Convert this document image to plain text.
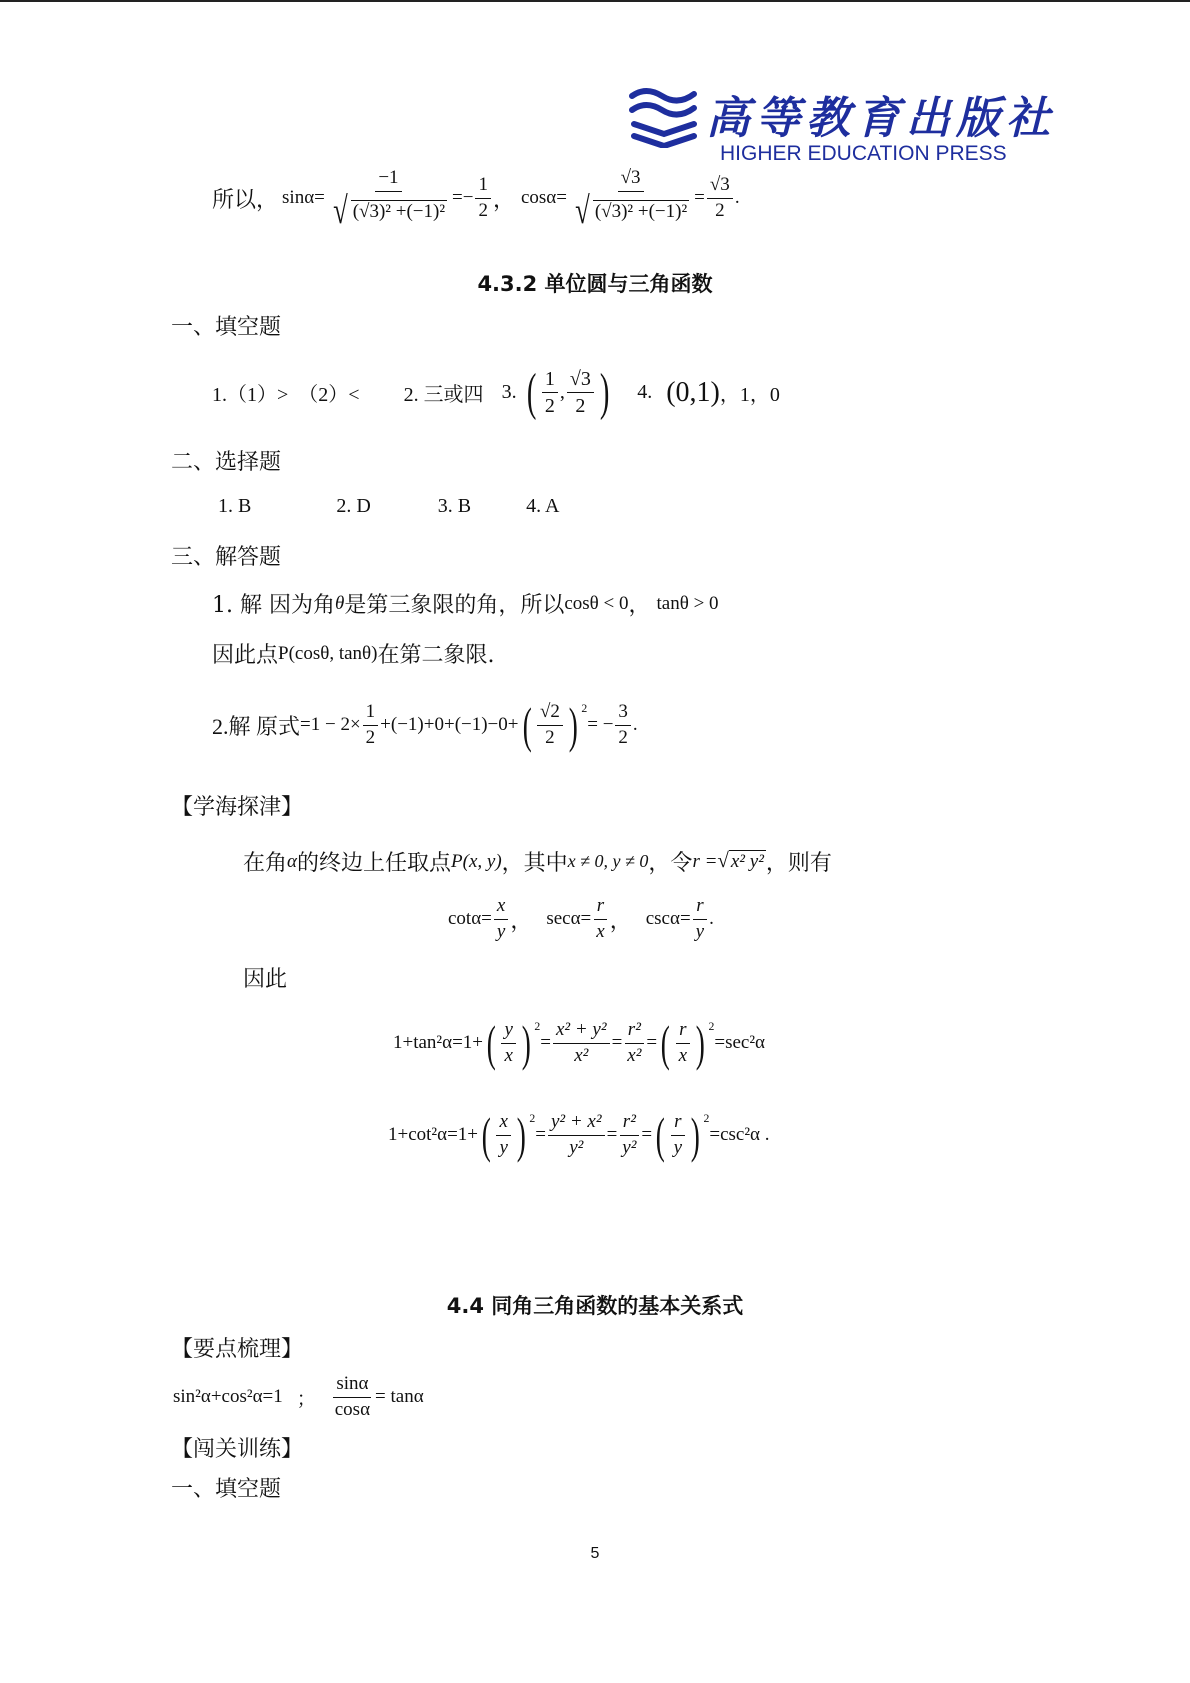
高等教育出版社
HIGHER EDUCATION PRESS
所以， $\sin\alpha= \frac{-1}{\text{√ (√3)² +(−1)²}} =- \frac{1}{2}$ ， $\cos\alpha= \frac{√3}{\text{√ (√3)² +(−1)²}} = \frac{√3}{2}$ .
4.3.2 单位圆与三角函数
一、填空题
1.（1）>　（2）< 2. 三或四 3. ( $\frac{1}{2}$ , $\frac{√3}{2}$ ) 4. (0,1) ，1，0
二、选择题
1. B	2. D	3. B	4. A
三、解答题
1. 解 因为角 θ 是第三象限的角，所以 cosθ < 0 ， tanθ > 0
因此点 P(cosθ, tanθ) 在第二象限.
2.解 原式 $=1 - 2\times \frac{1}{2} +(-1)+0+(-1)-0+$ ( $\frac{√2}{2}$ ) $^2$
= − $\frac{3}{2}$ .
【学海探津】
在角 α 的终边上任取点 P(x, y) ，其中 x ≠ 0, y ≠ 0 ，令 r = √ x² y² ，则有
$\cot\alpha= \frac{x}{y}$ ， $\sec\alpha= \frac{r}{x}$ ， $\csc\alpha= \frac{r}{y}$ .
因此
1+tan²α=1+ ( $\frac{y}{x}$ ) $^2$
= $\frac{\text{x² + y²}}{\text{x²}} = \frac{\text{r²}}{\text{x²}}$ = ( $\frac{r}{x}$ ) $^2$
=sec²α
1+cot²α=1+ ( $\frac{x}{y}$ ) $^2$
= $\frac{\text{y² + x²}}{\text{y²}} = \frac{\text{r²}}{\text{y²}}$ = ( $\frac{r}{y}$ ) $^2$
=csc²α .
4.4 同角三角函数的基本关系式
【要点梳理】
sin²α+cos²α=1 ； $\frac{\sin\alpha}{\cos\alpha} = \tan\alpha$
【闯关训练】
一、填空题
5
